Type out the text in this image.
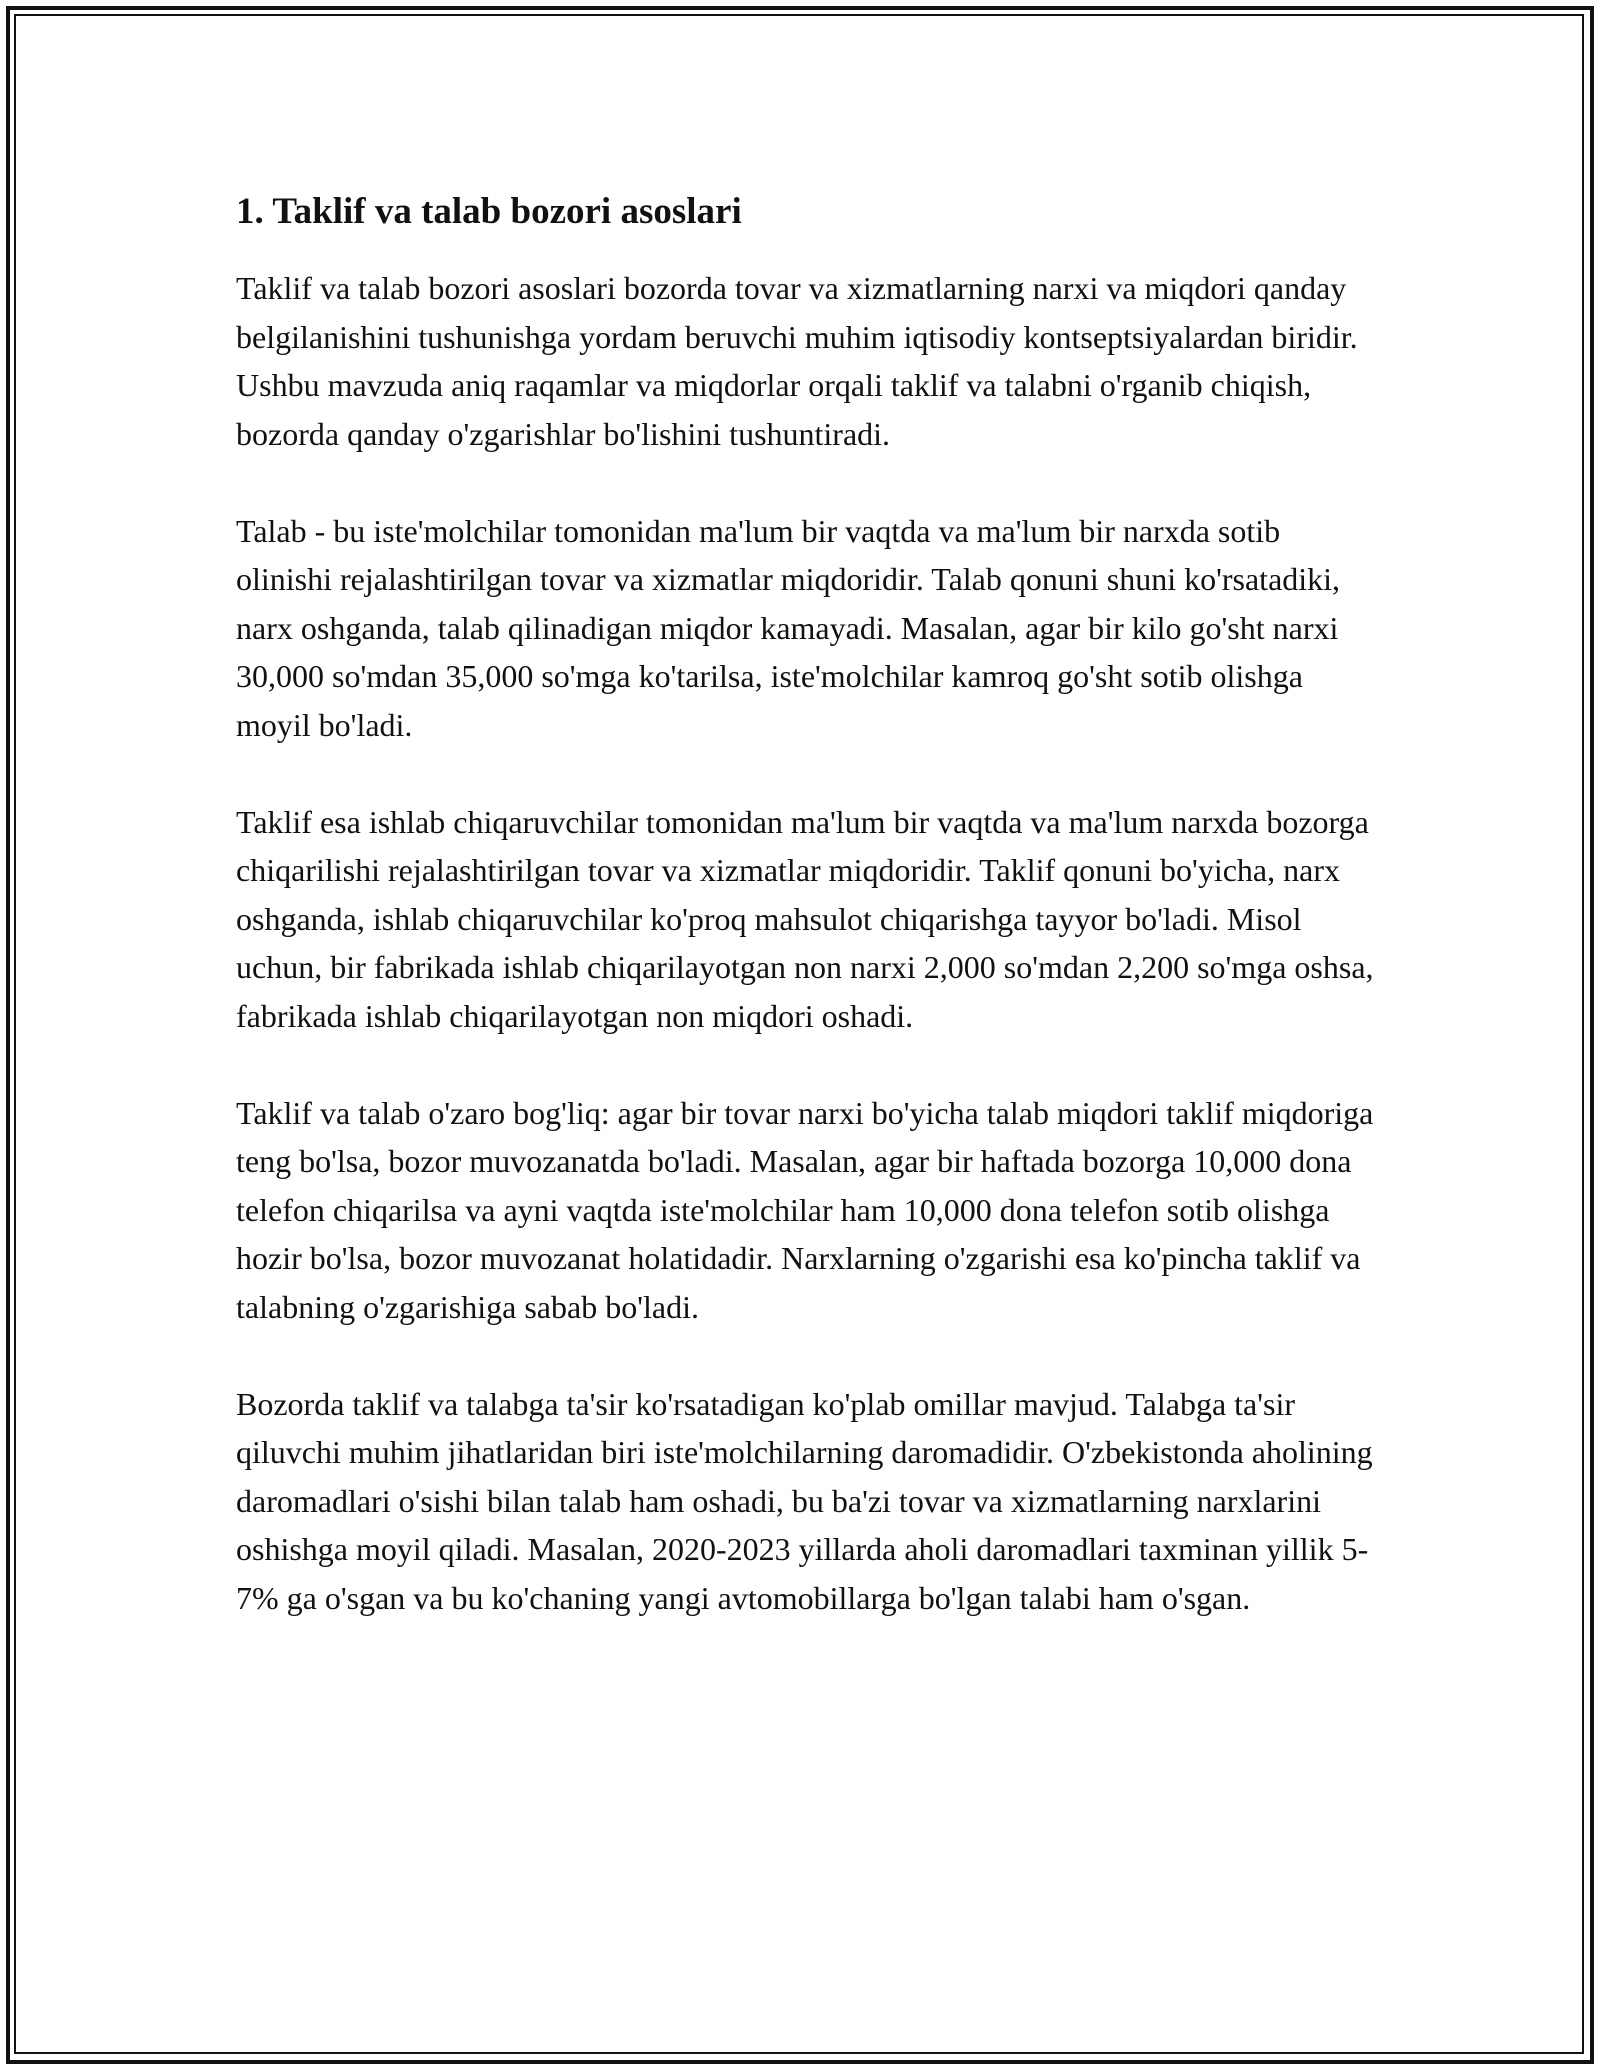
1. Taklif va talab bozori asoslari

Taklif va talab bozori asoslari bozorda tovar va xizmatlarning narxi va miqdori qanday belgilanishini tushunishga yordam beruvchi muhim iqtisodiy kontseptsiyalardan biridir. Ushbu mavzuda aniq raqamlar va miqdorlar orqali taklif va talabni o'rganib chiqish, bozorda qanday o'zgarishlar bo'lishini tushuntiradi.

Talab - bu iste'molchilar tomonidan ma'lum bir vaqtda va ma'lum bir narxda sotib olinishi rejalashtirilgan tovar va xizmatlar miqdoridir. Talab qonuni shuni ko'rsatadiki, narx oshganda, talab qilinadigan miqdor kamayadi. Masalan, agar bir kilo go'sht narxi 30,000 so'mdan 35,000 so'mga ko'tarilsa, iste'molchilar kamroq go'sht sotib olishga moyil bo'ladi.

Taklif esa ishlab chiqaruvchilar tomonidan ma'lum bir vaqtda va ma'lum narxda bozorga chiqarilishi rejalashtirilgan tovar va xizmatlar miqdoridir. Taklif qonuni bo'yicha, narx oshganda, ishlab chiqaruvchilar ko'proq mahsulot chiqarishga tayyor bo'ladi. Misol uchun, bir fabrikada ishlab chiqarilayotgan non narxi 2,000 so'mdan 2,200 so'mga oshsa, fabrikada ishlab chiqarilayotgan non miqdori oshadi.

Taklif va talab o'zaro bog'liq: agar bir tovar narxi bo'yicha talab miqdori taklif miqdoriga teng bo'lsa, bozor muvozanatda bo'ladi. Masalan, agar bir haftada bozorga 10,000 dona telefon chiqarilsa va ayni vaqtda iste'molchilar ham 10,000 dona telefon sotib olishga hozir bo'lsa, bozor muvozanat holatidadir. Narxlarning o'zgarishi esa ko'pincha taklif va talabning o'zgarishiga sabab bo'ladi.

Bozorda taklif va talabga ta'sir ko'rsatadigan ko'plab omillar mavjud. Talabga ta'sir qiluvchi muhim jihatlaridan biri iste'molchilarning daromadidir. O'zbekistonda aholining daromadlari o'sishi bilan talab ham oshadi, bu ba'zi tovar va xizmatlarning narxlarini oshishga moyil qiladi. Masalan, 2020-2023 yillarda aholi daromadlari taxminan yillik 5-7% ga o'sgan va bu ko'chaning yangi avtomobillarga bo'lgan talabi ham o'sgan.
